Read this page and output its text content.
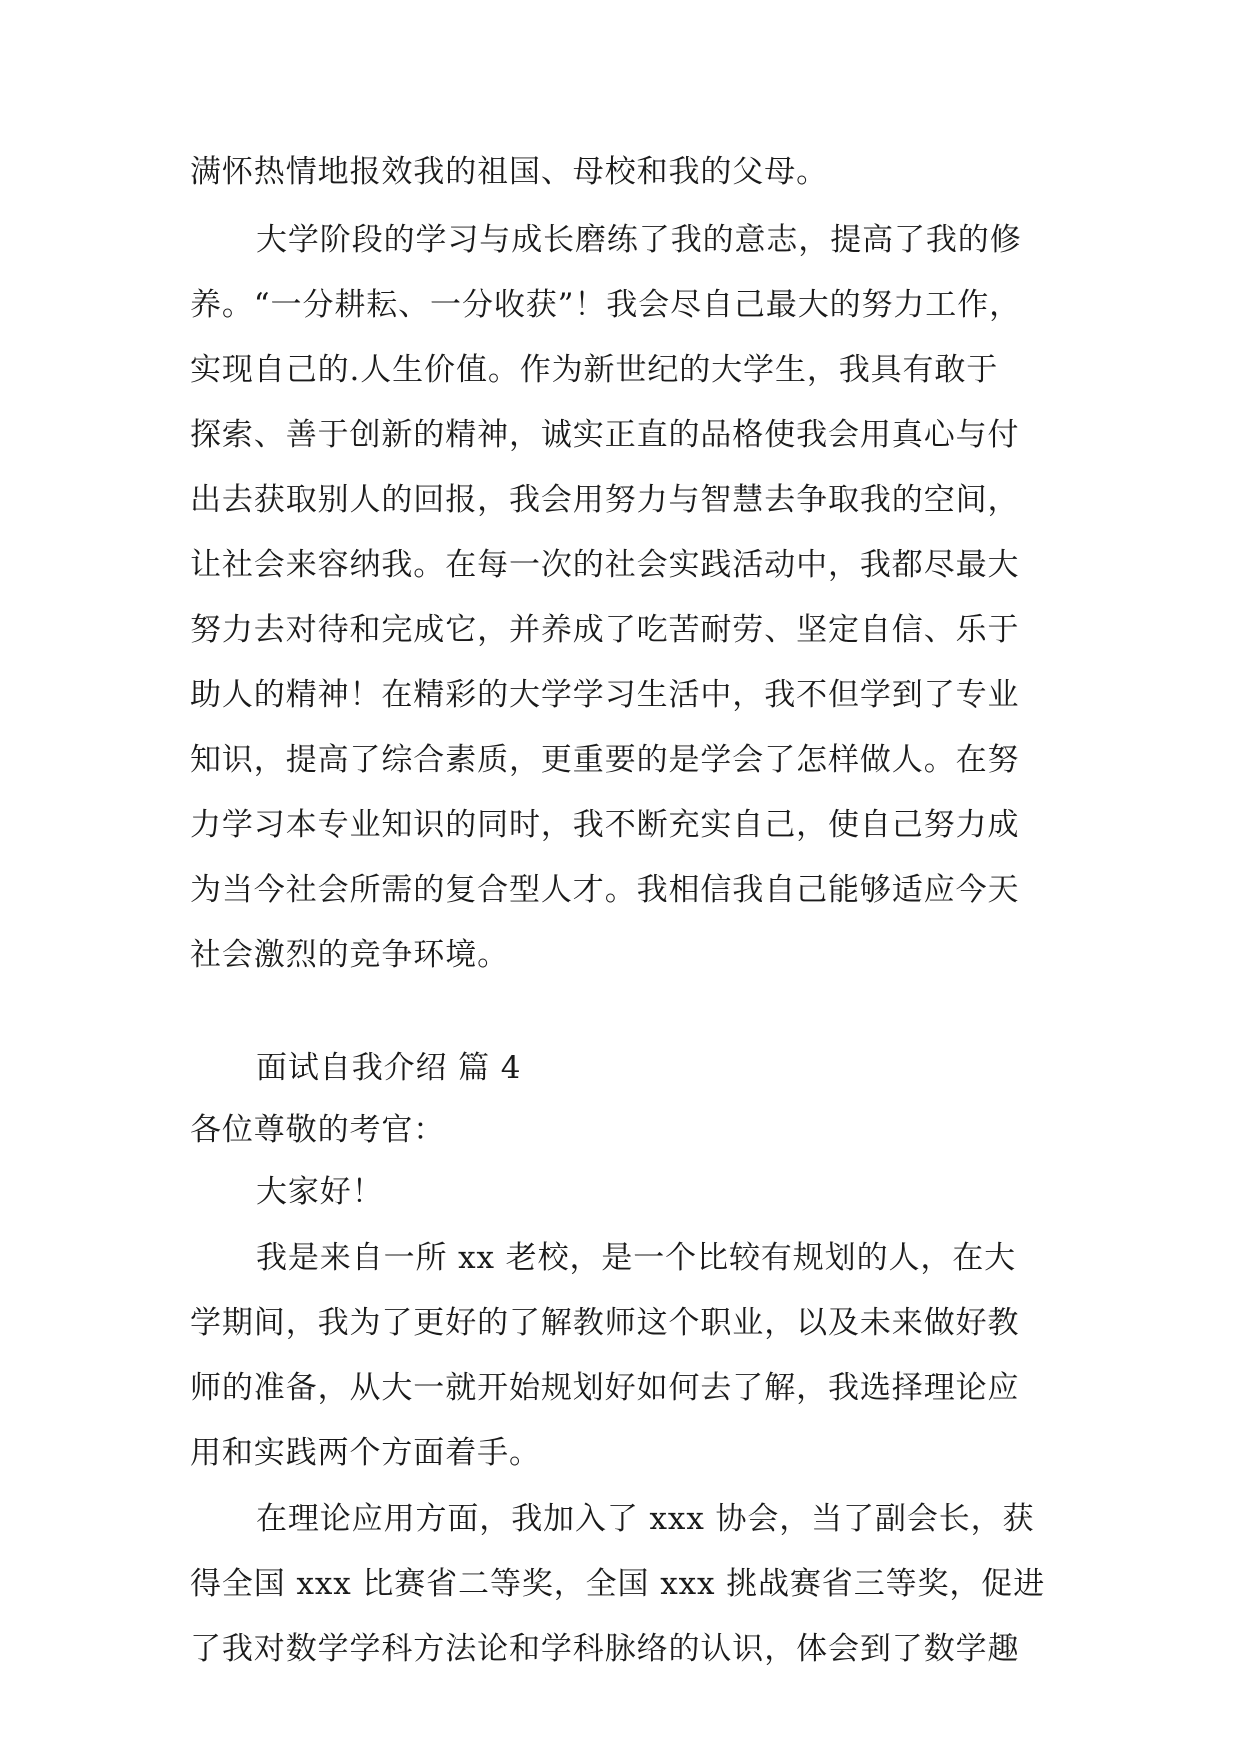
满怀热情地报效我的祖国、母校和我的父母。
大学阶段的学习与成长磨练了我的意志，提高了我的修
养。“一分耕耘、一分收获”！我会尽自己最大的努力工作，
实现自己的.人生价值。作为新世纪的大学生，我具有敢于
探索、善于创新的精神，诚实正直的品格使我会用真心与付
出去获取别人的回报，我会用努力与智慧去争取我的空间，
让社会来容纳我。在每一次的社会实践活动中，我都尽最大
努力去对待和完成它，并养成了吃苦耐劳、坚定自信、乐于
助人的精神！在精彩的大学学习生活中，我不但学到了专业
知识，提高了综合素质，更重要的是学会了怎样做人。在努
力学习本专业知识的同时，我不断充实自己，使自己努力成
为当今社会所需的复合型人才。我相信我自己能够适应今天
社会激烈的竞争环境。
面试自我介绍 篇 4
各位尊敬的考官：
大家好！
我是来自一所 xx 老校，是一个比较有规划的人，在大
学期间，我为了更好的了解教师这个职业，以及未来做好教
师的准备，从大一就开始规划好如何去了解，我选择理论应
用和实践两个方面着手。
在理论应用方面，我加入了 xxx 协会，当了副会长，获
得全国 xxx 比赛省二等奖，全国 xxx 挑战赛省三等奖，促进
了我对数学学科方法论和学科脉络的认识，体会到了数学趣
